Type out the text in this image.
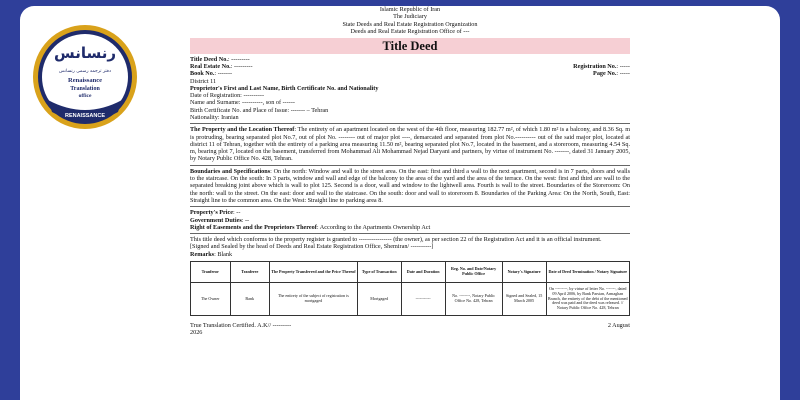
رنسانس
دفتر ترجمه رسمی رنسانس
Renaissance
Translation
office
RENAISSANCE
Islamic Republic of Iran
The Judiciary
State Deeds and Real Estate Registration Organization
Deeds and Real Estate Registration Office of ---
Title Deed
Title Deed No.: ---------
Real Estate No.: ---------	Registration No.: -----
Book No.: -------	Page No.: -----
District 11
Proprietor's First and Last Name, Birth Certificate No. and Nationality
Date of Registration: ----------
Name and Surname: ----------, son of ------
Birth Certificate No. and Place of Issue: ------- – Tehran
Nationality: Iranian
The Property and the Location Thereof: The entirety of an apartment located on the west of the 4th floor, measuring 182.77 m², of which 1.80 m² is a balcony, and 8.36 Sq. m is protruding, bearing separated plot No.7, out of plot No. -------- out of major plot ----, demarcated and separated from plot No.---------- out of the said major plot, located at district 11 of Tehran, together with the entirety of a parking area measuring 11.50 m², bearing separated plot No.7, located in the basement, and a storeroom, measuring 4.54 Sq. m, bearing plot 7, located on the basement, transferred from Mohammad Ali Mohammad Nejad Daryani and partners, by virtue of instrument No. -------, dated 31 January 2005, by Notary Public Office No. 428, Tehran.
Boundaries and Specifications: On the north: Window and wall to the street area. On the east: first and third a wall to the next apartment, second is in 7 parts, doors and walls to the staircase. On the south: In 3 parts, window and wall and edge of the balcony to the area of the yard and the area of the terrace. On the west: first and third are wall to the separated breaking joint above which is wall to plot 125. Second is a door, wall and window to the lightwell area. Fourth is wall to the street. Boundaries of the Storeroom: On the north: wall to the street. On the east: door and wall to the staircase. On the south: door and wall to storeroom 8. Boundaries of the Parking Area: On the North, South, East: Straight line to the common area. On the West: Straight line to parking area 8.
Property's Price: --
Government Duties: --
Right of Easements and the Proprietors Thereof: According to the Apartments Ownership Act
This title deed which conforms to the property register is granted to ---------------- (the owner), as per section 22 of the Registration Act and it is an official instrument.
[Signed and Sealed by the head of Deeds and Real Estate Registration Office, Shemiran/ ----------]
Remarks: Blank
Tranferor	Tranferee	The Property Transferred and the Price Thereof	Type of Transaction	Date and Duration	Reg. No. and Date/Notary Public Office	Notary's Signature	Date of Deed Termination / Notary Signature
The Owner	Bank	The entirety of the subject of registration is mortgaged	Mortgaged	-----------	No. --------, Notary Public Office No. 428, Tehran	Signed and Sealed, 15 March 2005	On ---------, by virtue of letter No. -------, dated 09 April 2006, by Bank Parsian, Armaghan Branch, the entirety of the debt of the mentioned deed was paid and the deed was released. // Notary Public Office No. 428, Tehran
True Translation Certified. A.K// ---------
2026
2 August
